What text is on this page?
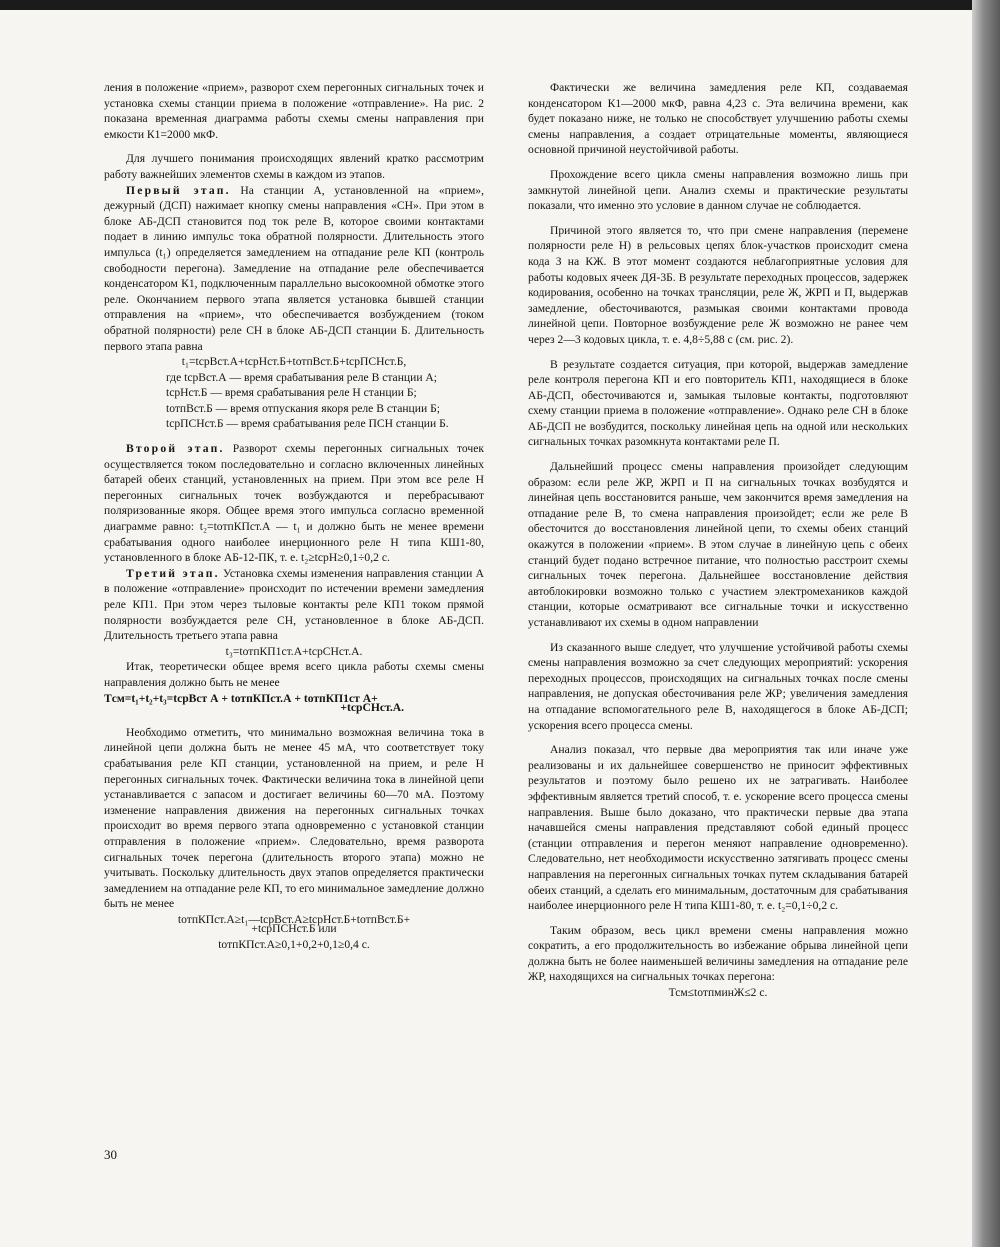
ления в положение «прием», разворот схем перегонных сигнальных точек и установка схемы станции приема в положение «отправление». На рис. 2 показана временная диаграмма работы схемы смены направления при емкости К1=2000 мкФ.

Для лучшего понимания происходящих явлений кратко рассмотрим работу важнейших элементов схемы в каждом из этапов.

Первый этап. На станции А, установленной на «прием», дежурный (ДСП) нажимает кнопку смены направления «СН». При этом в блоке АБ-ДСП становится под ток реле В, которое своими контактами подает в линию импульс тока обратной полярности. Длительность этого импульса (t₁) определяется замедлением на отпадание реле КП (контроль свободности перегона). Замедление на отпадание реле обеспечивается конденсатором К1, подключенным параллельно высокоомной обмотке этого реле. Окончанием первого этапа является установка бывшей станции отправления на «прием», что обеспечивается возбуждением (током обратной полярности) реле СН в блоке АБ-ДСП станции Б. Длительность первого этапа равна

t₁=tсрВст.А+tсрНст.Б+tотпВст.Б+tсрПСНст.Б,

где tсрВст.А — время срабатывания реле В станции А;

tсрНст.Б — время срабатывания реле Н станции Б;

tотпВст.Б — время отпускания якоря реле В станции Б;

tсрПСНст.Б — время срабатывания реле ПСН станции Б.

Второй этап. Разворот схемы перегонных сигнальных точек осуществляется током последовательно и согласно включенных линейных батарей обеих станций, установленных на прием. При этом все реле Н перегонных сигнальных точек возбуждаются и перебрасывают поляризованные якоря. Общее время этого импульса согласно временной диаграмме равно: t₂=tотпКПст.А — t₁ и должно быть не менее времени срабатывания одного наиболее инерционного реле Н типа КШ1-80, установленного в блоке АБ-12-ПК, т. е. t₂≥tсрН≥0,1÷0,2 с.

Третий этап. Установка схемы изменения направления станции А в положение «отправление» происходит по истечении времени замедления реле КП1. При этом через тыловые контакты реле КП1 током прямой полярности возбуждается реле СН, установленное в блоке АБ-ДСП. Длительность третьего этапа равна

t₃=tотпКП1ст.А+tсрСНст.А.

Итак, теоретически общее время всего цикла работы схемы смены направления должно быть не менее

Tсм=t₁+t₂+t₃=tсрВст А + tотпКПст.А + tотпКП1ст А+

+tсрСНст.А.

Необходимо отметить, что минимально возможная величина тока в линейной цепи должна быть не менее 45 мА, что соответствует току срабатывания реле КП станции, установленной на прием, и реле Н перегонных сигнальных точек. Фактически величина тока в линейной цепи устанавливается с запасом и достигает величины 60—70 мА. Поэтому изменение направления движения на перегонных сигнальных точках происходит во время первого этапа одновременно с установкой станции отправления в положение «прием». Следовательно, время разворота сигнальных точек перегона (длительность второго этапа) можно не учитывать. Поскольку длительность двух этапов определяется практически замедлением на отпадание реле КП, то его минимальное замедление должно быть не менее

tотпКПст.А≥t₁—tсрВст.А≥tсрНст.Б+tотпВст.Б+

+tсрПСНст.Б или

tотпКПст.А≥0,1+0,2+0,1≥0,4 с.

Фактически же величина замедления реле КП, создаваемая конденсатором К1—2000 мкФ, равна 4,23 с. Эта величина времени, как будет показано ниже, не только не способствует улучшению работы схемы смены направления, а создает отрицательные моменты, являющиеся основной причиной неустойчивой работы.

Прохождение всего цикла смены направления возможно лишь при замкнутой линейной цепи. Анализ схемы и практические результаты показали, что именно это условие в данном случае не соблюдается.

Причиной этого является то, что при смене направления (перемене полярности реле Н) в рельсовых цепях блок-участков происходит смена кода З на КЖ. В этот момент создаются неблагоприятные условия для работы кодовых ячеек ДЯ-3Б. В результате переходных процессов, задержек кодирования, особенно на точках трансляции, реле Ж, ЖРП и П, выдержав замедление, обесточиваются, размыкая своими контактами провода линейной цепи. Повторное возбуждение реле Ж возможно не ранее чем через 2—3 кодовых цикла, т. е. 4,8÷5,88 с (см. рис. 2).

В результате создается ситуация, при которой, выдержав замедление реле контроля перегона КП и его повторитель КП1, находящиеся в блоке АБ-ДСП, обесточиваются и, замыкая тыловые контакты, подготовляют схему станции приема в положение «отправление». Однако реле СН в блоке АБ-ДСП не возбудится, поскольку линейная цепь на одной или нескольких сигнальных точках разомкнута контактами реле П.

Дальнейший процесс смены направления произойдет следующим образом: если реле ЖР, ЖРП и П на сигнальных точках возбудятся и линейная цепь восстановится раньше, чем закончится время замедления на отпадание реле В, то смена направления произойдет; если же реле В обесточится до восстановления линейной цепи, то схемы обеих станций окажутся в положении «прием». В этом случае в линейную цепь с обеих станций будет подано встречное питание, что полностью расстроит схемы сигнальных точек перегона. Дальнейшее восстановление действия автоблокировки возможно только с участием электромехаников каждой станции, которые осматривают все сигнальные точки и искусственно устанавливают их схемы в одном направлении

Из сказанного выше следует, что улучшение устойчивой работы схемы смены направления возможно за счет следующих мероприятий: ускорения переходных процессов, происходящих на сигнальных точках после смены направления, не допуская обесточивания реле ЖР; увеличения замедления на отпадание вспомогательного реле В, находящегося в блоке АБ-ДСП; ускорения всего процесса смены.

Анализ показал, что первые два мероприятия так или иначе уже реализованы и их дальнейшее совершенство не приносит эффективных результатов и поэтому было решено их не затрагивать. Наиболее эффективным является третий способ, т. е. ускорение всего процесса смены направления. Выше было доказано, что практически первые два этапа начавшейся смены направления представляют собой единый процесс (станции отправления и перегон меняют направление одновременно). Следовательно, нет необходимости искусственно затягивать процесс смены направления на перегонных сигнальных точках путем складывания батарей обеих станций, а сделать его минимальным, достаточным для срабатывания наиболее инерционного реле Н типа КШ1-80, т. е. t₂=0,1÷0,2 с.

Таким образом, весь цикл времени смены направления можно сократить, а его продолжительность во избежание обрыва линейной цепи должна быть не более наименьшей величины замедления на отпадание реле ЖР, находящихся на сигнальных точках перегона:

Тсм≤tотпминЖ≤2 с.

30
